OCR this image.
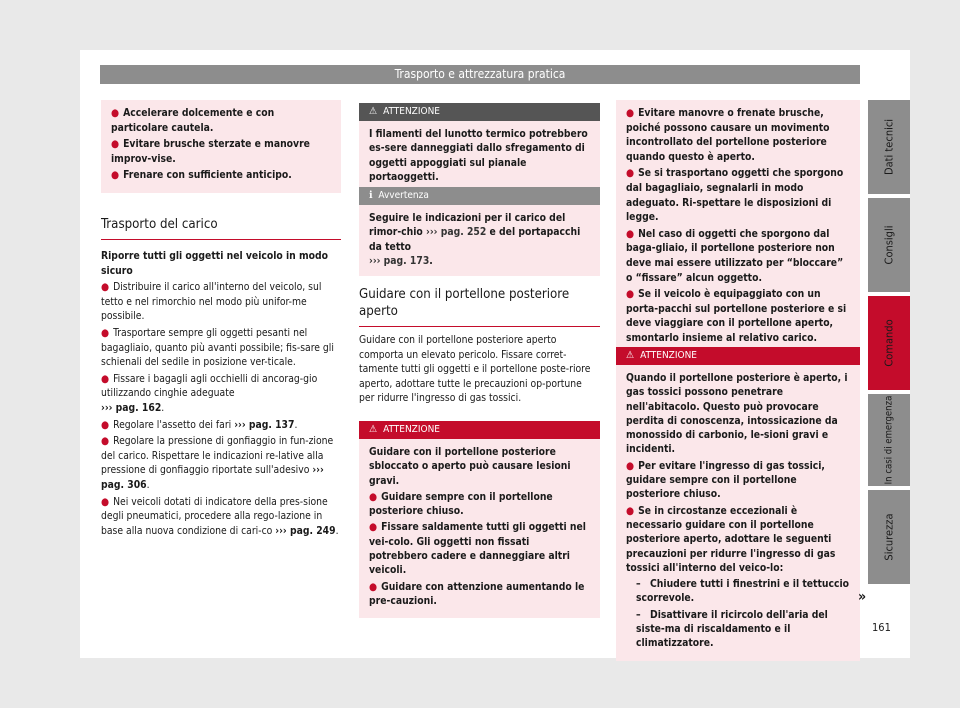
Trasporto e attrezzatura pratica

● Accelerare dolcemente e con particolare cautela.

● Evitare brusche sterzate e manovre improv-vise.

● Frenare con sufficiente anticipo.

Trasporto del carico

Riporre tutti gli oggetti nel veicolo in modo sicuro

● Distribuire il carico all'interno del veicolo, sul tetto e nel rimorchio nel modo più unifor-me possibile.

● Trasportare sempre gli oggetti pesanti nel bagagliaio, quanto più avanti possibile; fis-sare gli schienali del sedile in posizione ver-ticale.

● Fissare i bagagli agli occhielli di ancorag-gio utilizzando cinghie adeguate
››› pag. 162.

● Regolare l'assetto dei fari ››› pag. 137.

● Regolare la pressione di gonfiaggio in fun-zione del carico. Rispettare le indicazioni re-lative alla pressione di gonfiaggio riportate sull'adesivo ››› pag. 306.

● Nei veicoli dotati di indicatore della pres-sione degli pneumatici, procedere alla rego-lazione in base alla nuova condizione di cari-co ››› pag. 249.

⚠ ATTENZIONE
I filamenti del lunotto termico potrebbero es-sere danneggiati dallo sfregamento di oggetti appoggiati sul pianale portaoggetti.
ℹ Avvertenza
Seguire le indicazioni per il carico del rimor-chio ››› pag. 252 e del portapacchi da tetto
››› pag. 173.
Guidare con il portellone posteriore aperto
Guidare con il portellone posteriore aperto comporta un elevato pericolo. Fissare corret-tamente tutti gli oggetti e il portellone poste-riore aperto, adottare tutte le precauzioni op-portune per ridurre l'ingresso di gas tossici.
⚠ ATTENZIONE

Guidare con il portellone posteriore sbloccato o aperto può causare lesioni gravi.

● Guidare sempre con il portellone posteriore chiuso.

● Fissare saldamente tutti gli oggetti nel vei-colo. Gli oggetti non fissati potrebbero cadere e danneggiare altri veicoli.

● Guidare con attenzione aumentando le pre-cauzioni.

● Evitare manovre o frenate brusche, poiché possono causare un movimento incontrollato del portellone posteriore quando questo è aperto.

● Se si trasportano oggetti che sporgono dal bagagliaio, segnalarli in modo adeguato. Ri-spettare le disposizioni di legge.

● Nel caso di oggetti che sporgono dal baga-gliaio, il portellone posteriore non deve mai essere utilizzato per “bloccare” o “fissare” alcun oggetto.

● Se il veicolo è equipaggiato con un porta-pacchi sul portellone posteriore e si deve viaggiare con il portellone aperto, smontarlo insieme al relativo carico.

⚠ ATTENZIONE

Quando il portellone posteriore è aperto, i gas tossici possono penetrare nell'abitacolo. Questo può provocare perdita di conoscenza, intossicazione da monossido di carbonio, le-sioni gravi e incidenti.

● Per evitare l'ingresso di gas tossici, guidare sempre con il portellone posteriore chiuso.

● Se in circostanze eccezionali è necessario guidare con il portellone posteriore aperto, adottare le seguenti precauzioni per ridurre l'ingresso di gas tossici all'interno del veico-lo:

– Chiudere tutti i finestrini e il tettuccio scorrevole.

– Disattivare il ricircolo dell'aria del siste-ma di riscaldamento e il climatizzatore.

Dati tecnici
Consigli
Comando
In casi di emergenza
Sicurezza
»
161
